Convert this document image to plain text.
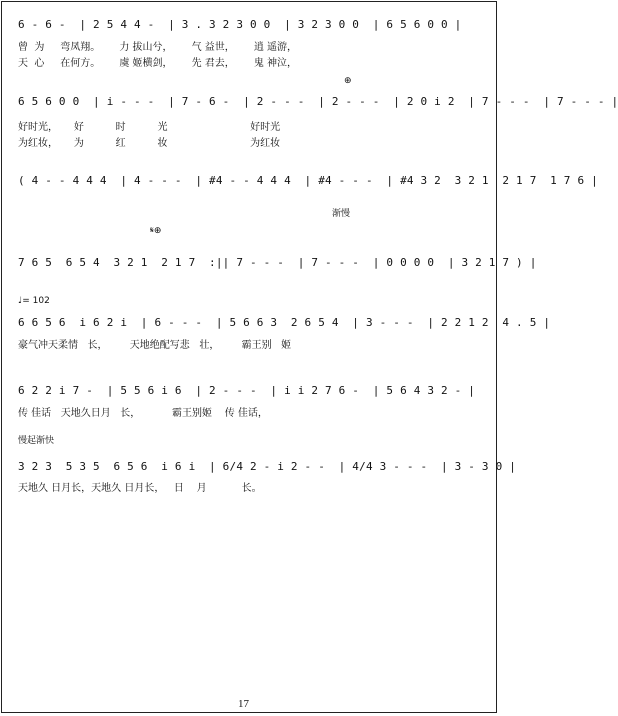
6 - 6 -  | 2 5 4 4 -  | 3 . 3 2 3 0 0  | 3 2 3 0 0  | 6 5 6 0 0 |
曾  为     弯凤翔。      力 拔山兮，      气 益世，      逍 遥游，
天  心     在何方。      虞 姬横剑，      先 君去，      鬼 神泣，
⊕
6 5 6 0 0  | i - - -  | 7 - 6 -  | 2 - - -  | 2 - - -  | 2 0 i 2  | 7 - - -  | 7 - - - |
好时光，     好          时          光                          好时光
为红妆，     为          红          妆                          为红妆
( 4 - - 4 4 4  | 4 - - -  | #4 - - 4 4 4  | #4 - - -  | #4 3 2  3 2 1  2 1 7  1 7 6 |
渐慢
𝄋⊕
7 6 5  6 5 4  3 2 1  2 1 7  :|| 7 - - -  | 7 - - -  | 0 0 0 0  | 3 2 1 7 ) |
♩= 102
6 6 5 6  i 6 2 i  | 6 - - -  | 5 6 6 3  2 6 5 4  | 3 - - -  | 2 2 1 2  4 . 5 |
豪气冲天柔情   长，       天地绝配写悲   壮，       霸王别   姬
6 2 2 i 7 -  | 5 5 6 i 6  | 2 - - -  | i i 2 7 6 -  | 5 6 4 3 2 - |
传 佳话   天地久日月   长，          霸王别姬    传 佳话，
慢起渐快
3 2 3  5 3 5  6 5 6  i 6 i  | 6/4 2 - i 2 - -  | 4/4 3 - - -  | 3 - 3 0 |
天地久 日月长，天地久 日月长，   日    月           长。
17
